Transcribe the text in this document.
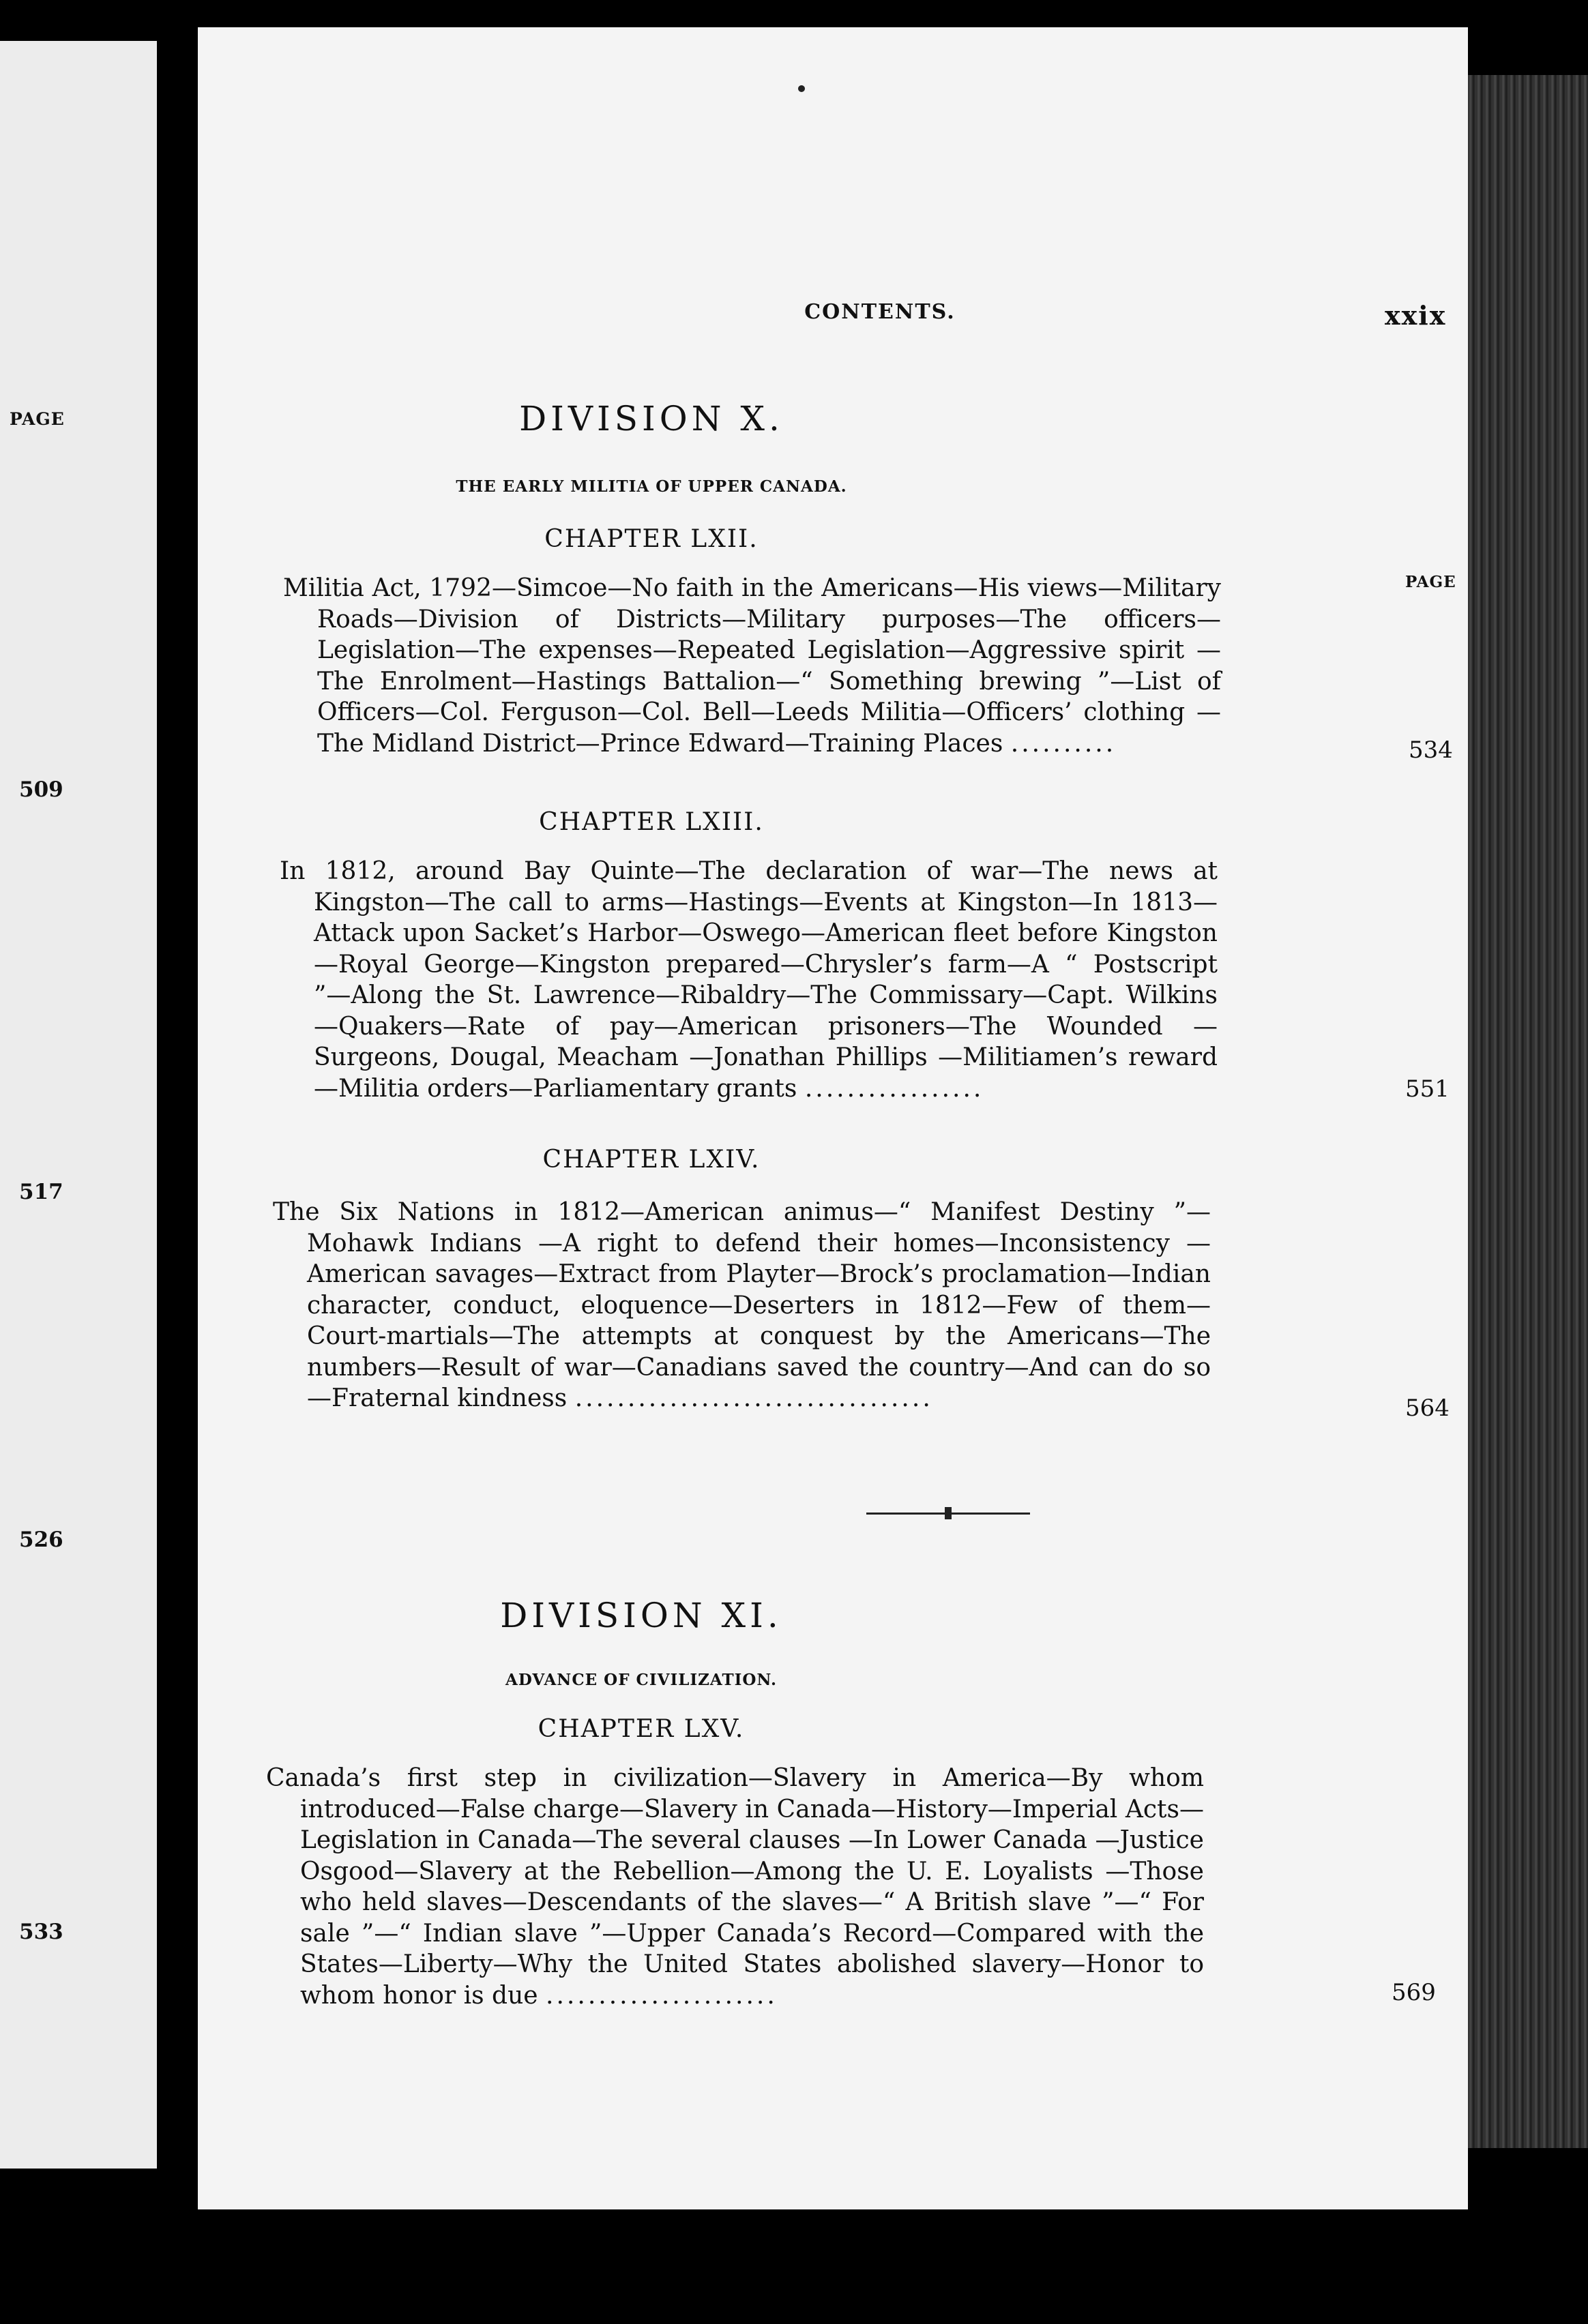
PAGE
509
517
526
533
CONTENTS.	xxix
DIVISION X.
THE EARLY MILITIA OF UPPER CANADA.
CHAPTER LXII.
PAGE
Militia Act, 1792—Simcoe—No faith in the Americans—His views—Military Roads—Division of Districts—Military purposes—The officers—Legislation—The expenses—Repeated Legislation—Aggressive spirit —The Enrolment—Hastings Battalion—“ Something brewing ”—List of Officers—Col. Ferguson—Col. Bell—Leeds Militia—Officers’ clothing —The Midland District—Prince Edward—Training Places ..........	534
CHAPTER LXIII.
In 1812, around Bay Quinte—The declaration of war—The news at Kingston—The call to arms—Hastings—Events at Kingston—In 1813—Attack upon Sacket’s Harbor—Oswego—American fleet before Kingston—Royal George—Kingston prepared—Chrysler’s farm—A “ Postscript ”—Along the St. Lawrence—Ribaldry—The Commissary—Capt. Wilkins—Quakers—Rate of pay—American prisoners—The Wounded —Surgeons, Dougal, Meacham —Jonathan Phillips —Militiamen’s reward—Militia orders—Parliamentary grants .................	551
CHAPTER LXIV.
The Six Nations in 1812—American animus—“ Manifest Destiny ”—Mohawk Indians —A right to defend their homes—Inconsistency —American savages—Extract from Playter—Brock’s proclamation—Indian character, conduct, eloquence—Deserters in 1812—Few of them—Court-martials—The attempts at conquest by the Americans—The numbers—Result of war—Canadians saved the country—And can do so—Fraternal kindness ..................................	564
DIVISION XI.
ADVANCE OF CIVILIZATION.
CHAPTER LXV.
Canada’s first step in civilization—Slavery in America—By whom introduced—False charge—Slavery in Canada—History—Imperial Acts—Legislation in Canada—The several clauses —In Lower Canada —Justice Osgood—Slavery at the Rebellion—Among the U. E. Loyalists —Those who held slaves—Descendants of the slaves—“ A British slave ”—“ For sale ”—“ Indian slave ”—Upper Canada’s Record—Compared with the States—Liberty—Why the United States abolished slavery—Honor to whom honor is due ......................	569
